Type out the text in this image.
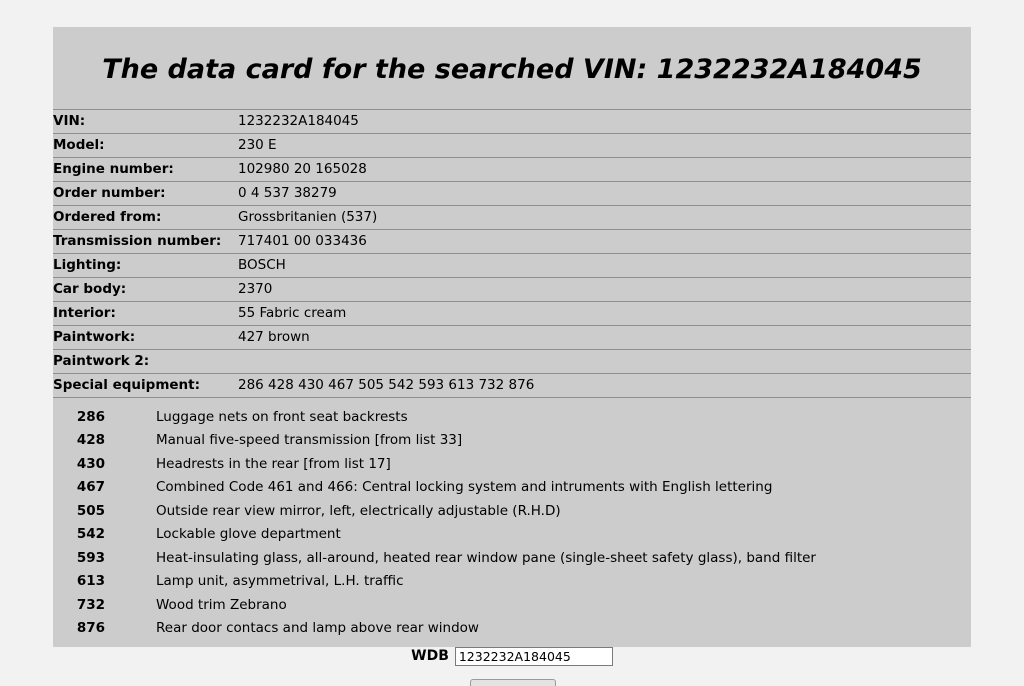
The data card for the searched VIN: 1232232A184045
VIN:	1232232A184045
Model:	230 E
Engine number:	102980 20 165028
Order number:	0 4 537 38279
Ordered from:	Grossbritanien (537)
Transmission number:	717401 00 033436
Lighting:	BOSCH
Car body:	2370
Interior:	55 Fabric cream
Paintwork:	427 brown
Paintwork 2:	
Special equipment:	286 428 430 467 505 542 593 613 732 876
286	Luggage nets on front seat backrests
428	Manual five-speed transmission [from list 33]
430	Headrests in the rear [from list 17]
467	Combined Code 461 and 466: Central locking system and intruments with English lettering
505	Outside rear view mirror, left, electrically adjustable (R.H.D)
542	Lockable glove department
593	Heat-insulating glass, all-around, heated rear window pane (single-sheet safety glass), band filter
613	Lamp unit, asymmetrival, L.H. traffic
732	Wood trim Zebrano
876	Rear door contacs and lamp above rear window
WDB
1232232A184045
